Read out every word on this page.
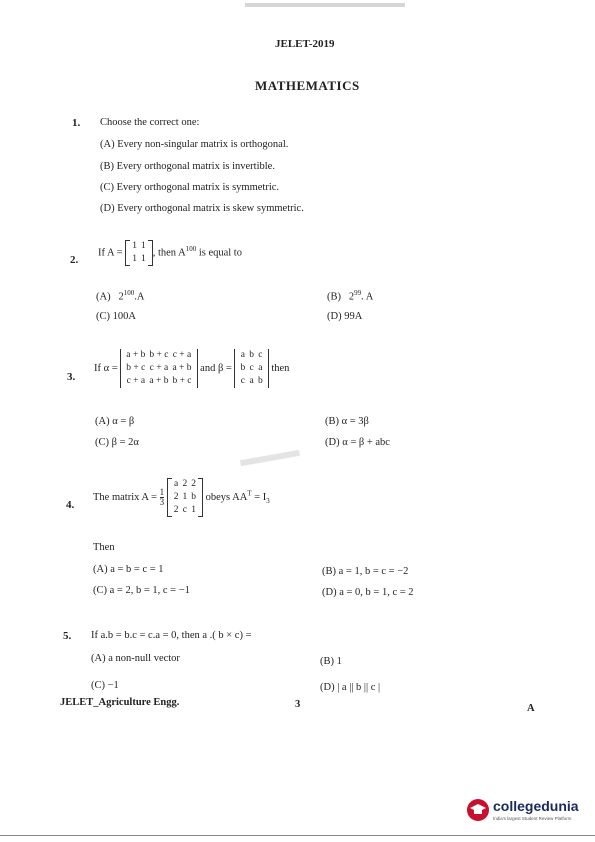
JELET-2019
MATHEMATICS
1. Choose the correct one:
(A) Every non-singular matrix is orthogonal.
(B) Every orthogonal matrix is invertible.
(C) Every orthogonal matrix is symmetric.
(D) Every orthogonal matrix is skew symmetric.
2.
If A =
1	1
1	1
, then $A^{100}$ is equal to
(A) $2^{100}.A$	(B) $2^{99}$. A
(C) 100A	(D) 99A
3.
If α =
a + b	b + c	c + a
b + c	c + a	a + b
c + a	a + b	b + c
and β =
a	b	c
b	c	a
c	a	b
then
(A) α = β	(B) α = 3β
(C) β = 2α	(D) α = β + abc
4.
The matrix $A = \frac{1}{3}$

a	2	2
2	1	b
2	c	1
obeys $AA^T = I_3$
Then
(A) a = b = c = 1	(B) a = 1, b = c = −2
(C) a = 2, b = 1, c = −1	(D) a = 0, b = 1, c = 2
5. If a.b = b.c = c.a = 0, then a .( b × c) =
(A) a non-null vector	(B) 1
(C) −1	(D) | a || b || c |
JELET_Agriculture Engg.	3	A
collegedunia
India's largest Student Review Platform
